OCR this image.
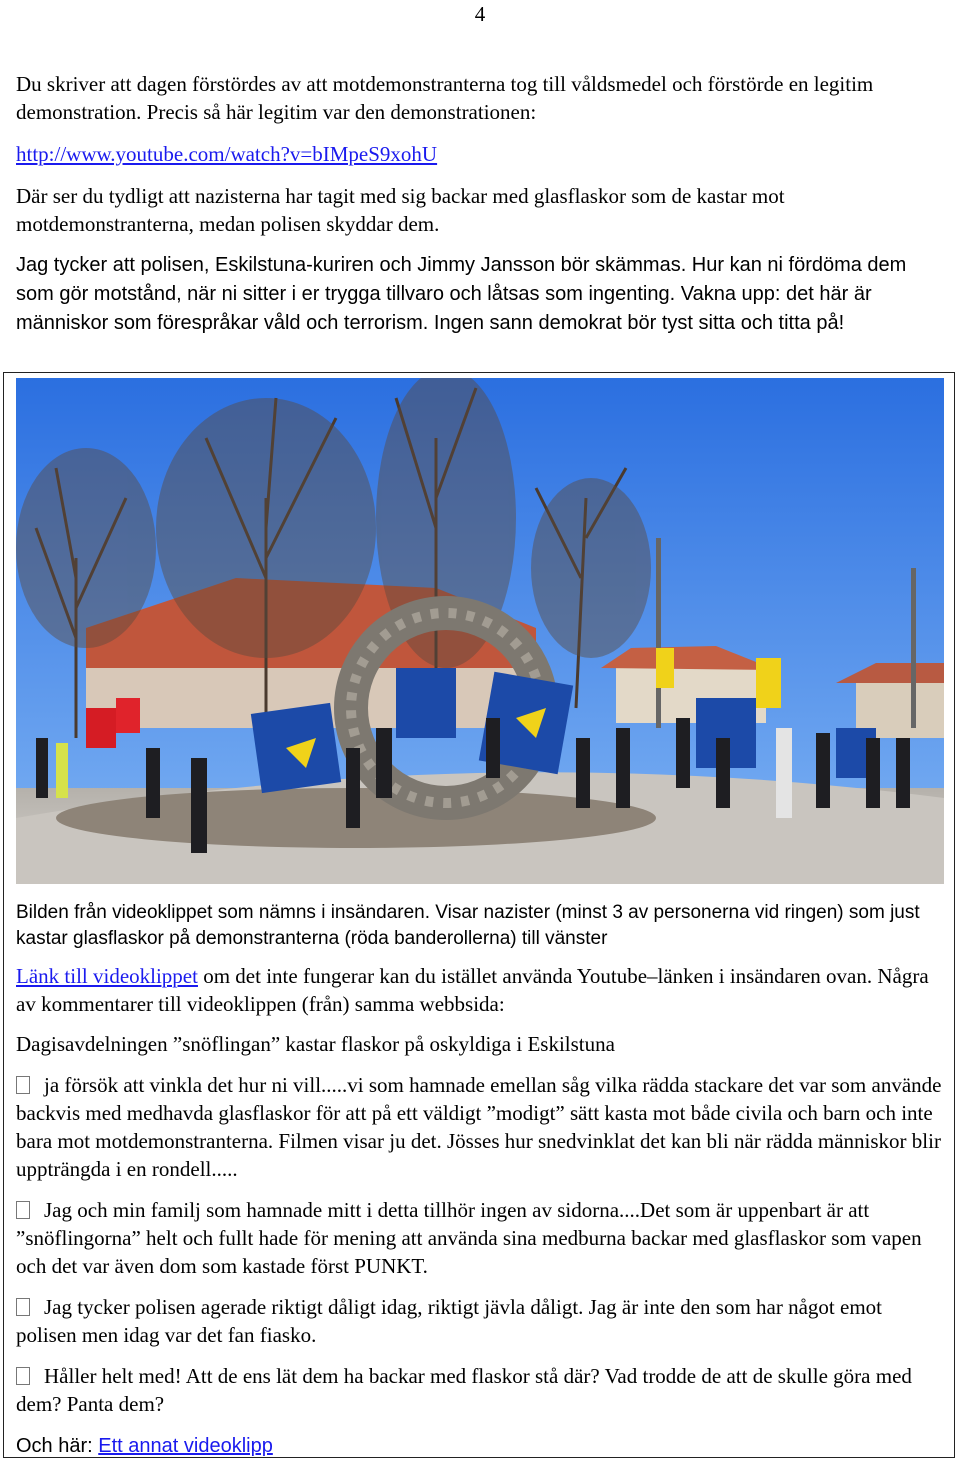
4

Du skriver att dagen förstördes av att motdemonstranterna tog till våldsmedel och förstörde en legitim demonstration. Precis så här legitim var den demonstrationen:

http://www.youtube.com/watch?v=bIMpeS9xohU

Där ser du tydligt att nazisterna har tagit med sig backar med glasflaskor som de kastar mot motdemonstranterna, medan polisen skyddar dem.

Jag tycker att polisen, Eskilstuna-kuriren och Jimmy Jansson bör skämmas. Hur kan ni fördöma dem som gör motstånd, när ni sitter i er trygga tillvaro och låtsas som ingenting. Vakna upp: det här är människor som förespråkar våld och terrorism. Ingen sann demokrat bör tyst sitta och titta på!

Bilden från videoklippet som nämns i insändaren. Visar nazister (minst 3 av personerna vid ringen) som just kastar glasflaskor på demonstranterna (röda banderollerna) till vänster

Länk till videoklippet om det inte fungerar kan du istället använda Youtube–länken i insändaren ovan. Några av kommentarer till videoklippen (från) samma webbsida:

Dagisavdelningen ”snöflingan” kastar flaskor på oskyldiga i Eskilstuna

ja försök att vinkla det hur ni vill.....vi som hamnade emellan såg vilka rädda stackare det var som använde backvis med medhavda glasflaskor för att på ett väldigt ”modigt” sätt kasta mot både civila och barn och inte bara mot motdemonstranterna. Filmen visar ju det. Jösses hur snedvinklat det kan bli när rädda människor blir uppträngda i en rondell.....

Jag och min familj som hamnade mitt i detta tillhör ingen av sidorna....Det som är uppenbart är att ”snöflingorna” helt och fullt hade för mening att använda sina medburna backar med glasflaskor som vapen och det var även dom som kastade först PUNKT.

Jag tycker polisen agerade riktigt dåligt idag, riktigt jävla dåligt. Jag är inte den som har något emot polisen men idag var det fan fiasko.

Håller helt med! Att de ens lät dem ha backar med flaskor stå där? Vad trodde de att de skulle göra med dem? Panta dem?

Och här: Ett annat videoklipp
